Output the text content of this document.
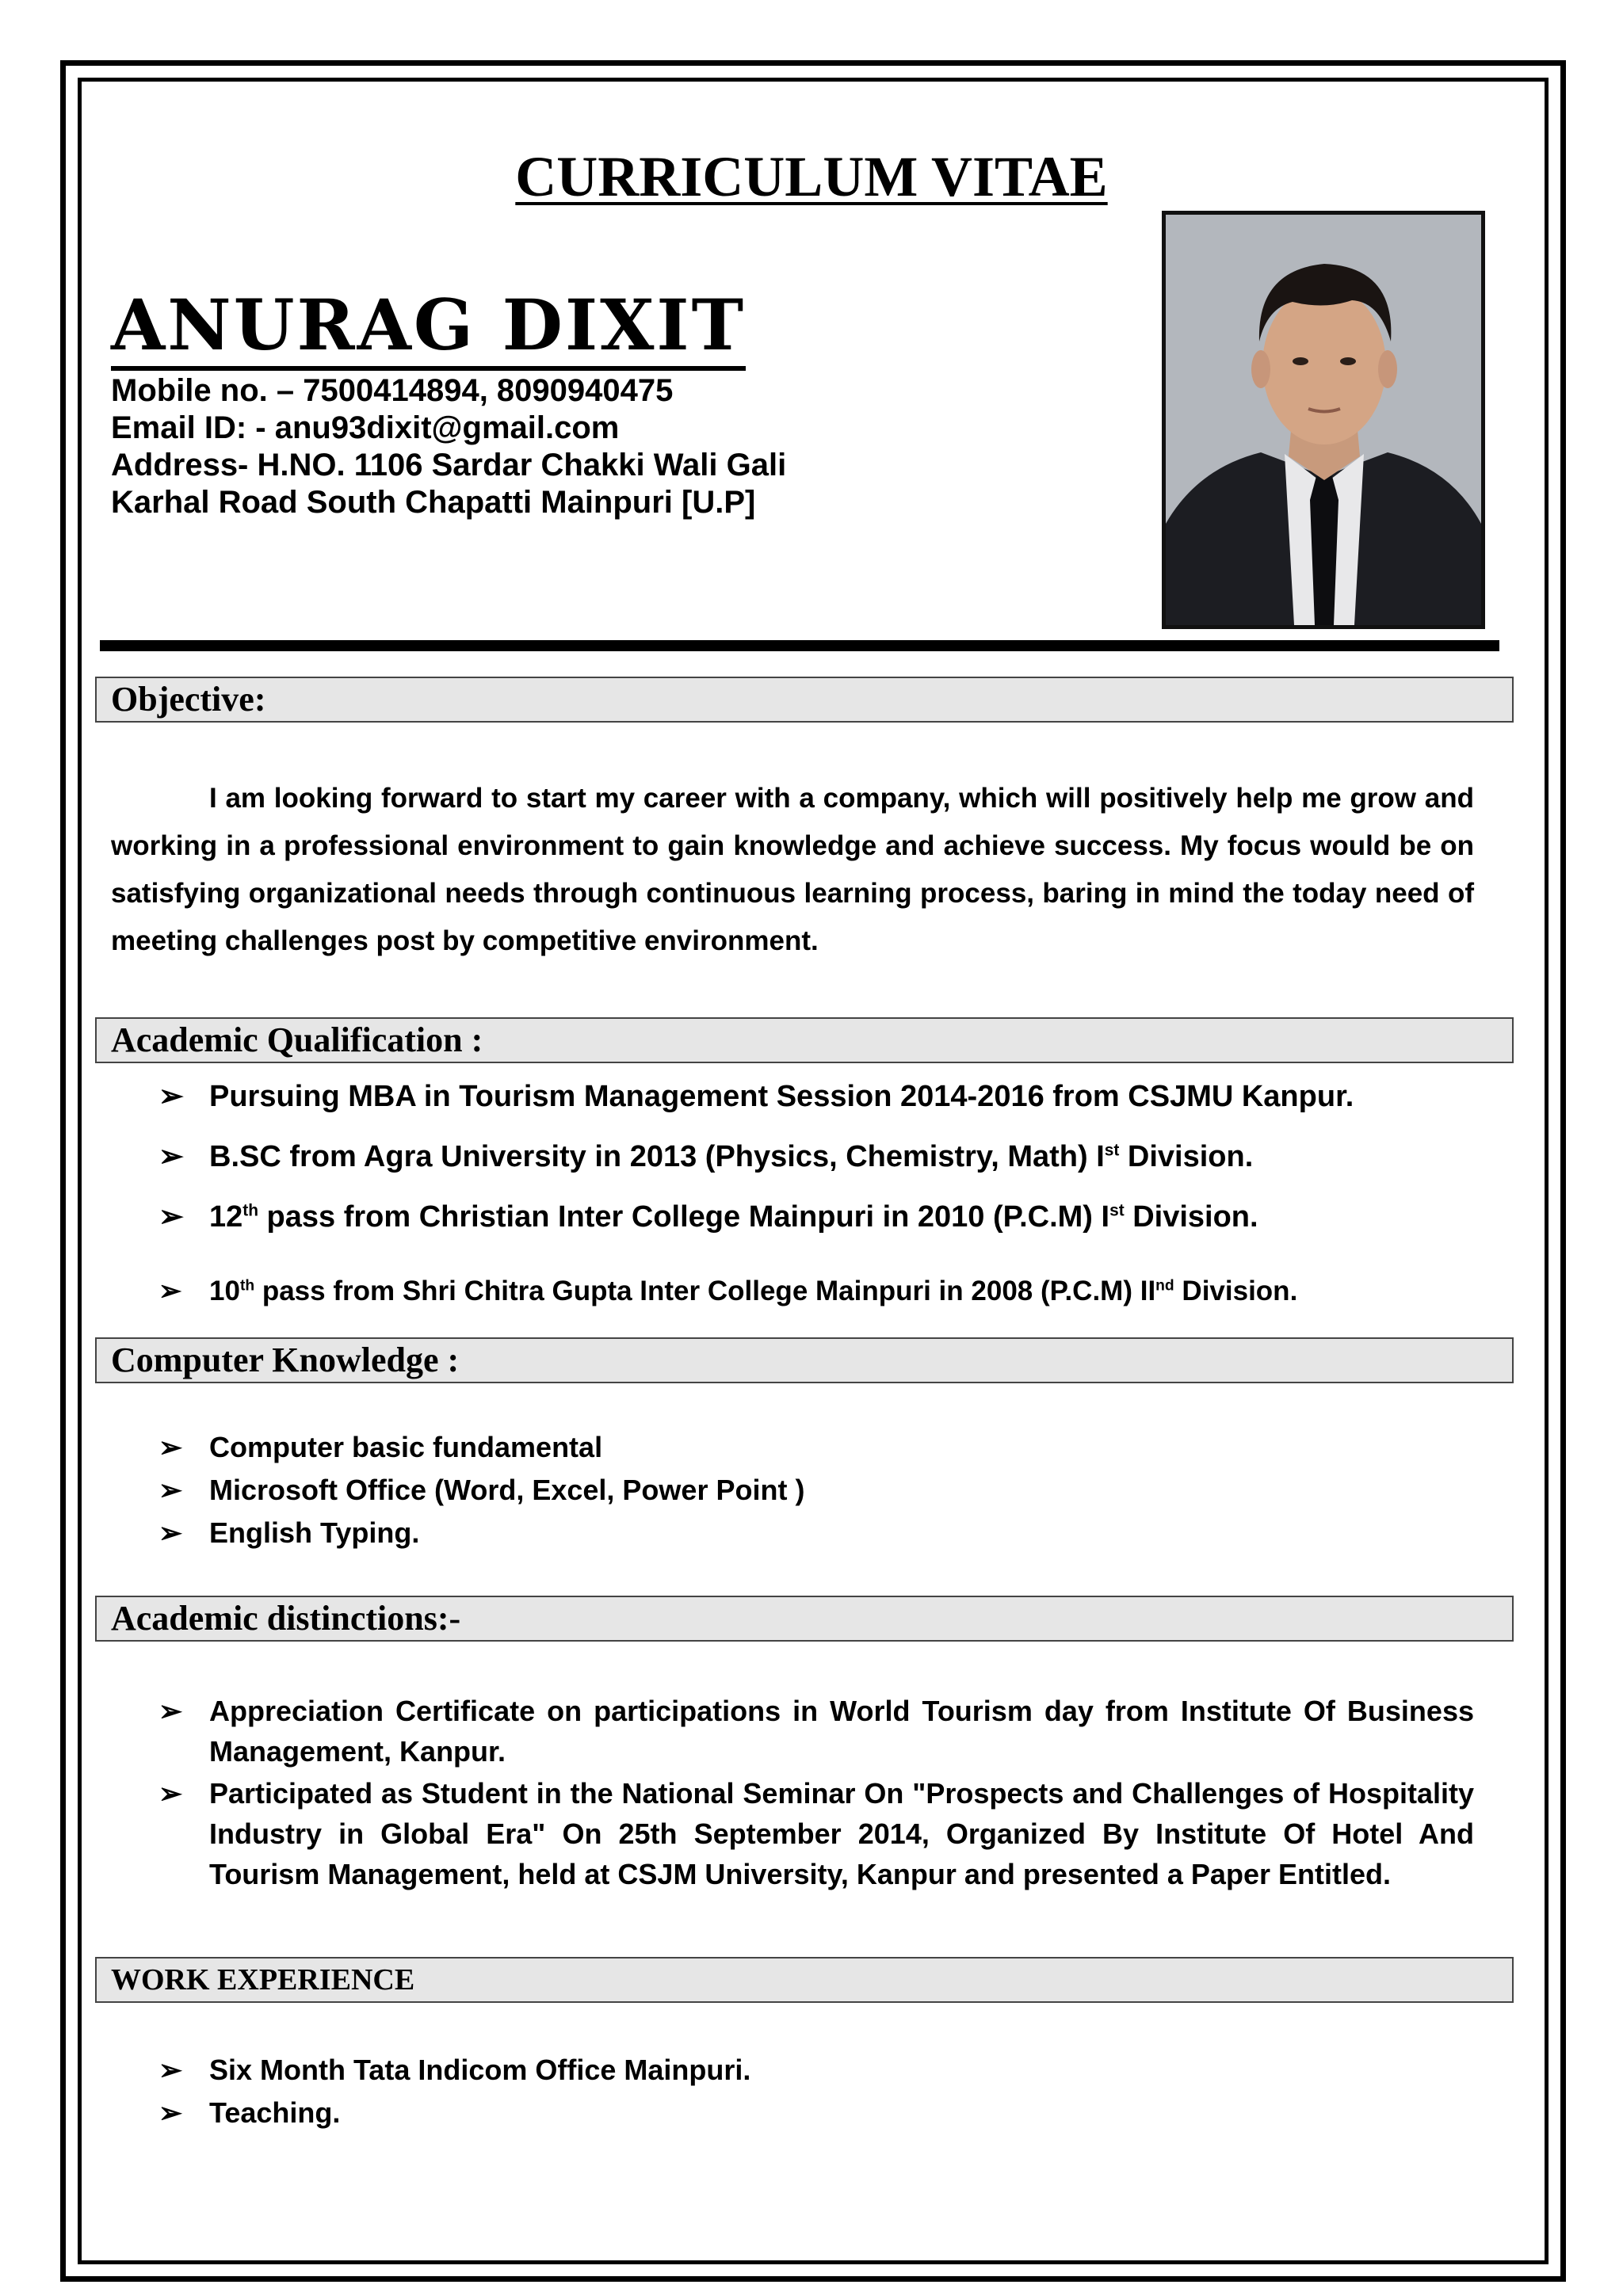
CURRICULUM VITAE
ANURAG DIXIT
Mobile no. – 7500414894, 8090940475
Email ID: - anu93dixit@gmail.com
Address- H.NO. 1106 Sardar Chakki Wali Gali
Karhal Road South Chapatti Mainpuri [U.P]
Objective:
I am looking forward to start my career with a company, which will positively help me grow and working in a professional environment to gain knowledge and achieve success. My focus would be on satisfying organizational needs through continuous learning process, baring in mind the today need of meeting challenges post by competitive environment.
Academic Qualification :
➢ Pursuing MBA in Tourism Management Session 2014-2016 from CSJMU Kanpur.
➢ B.SC from Agra University in 2013 (Physics, Chemistry, Math) Ist Division.
➢ 12th pass from Christian Inter College Mainpuri in 2010 (P.C.M) Ist Division.
➢ 10th pass from Shri Chitra Gupta Inter College Mainpuri in 2008 (P.C.M) IInd Division.
Computer Knowledge :
➢ Computer basic fundamental
➢ Microsoft Office (Word, Excel, Power Point )
➢ English Typing.
Academic distinctions:-
➢ Appreciation Certificate on participations in World Tourism day from Institute Of Business Management, Kanpur.
➢ Participated as Student in the National Seminar On "Prospects and Challenges of Hospitality Industry in Global Era" On 25th September 2014, Organized By Institute Of Hotel And Tourism Management, held at CSJM University, Kanpur and presented a Paper Entitled.
WORK EXPERIENCE
➢ Six Month Tata Indicom Office Mainpuri.
➢ Teaching.
